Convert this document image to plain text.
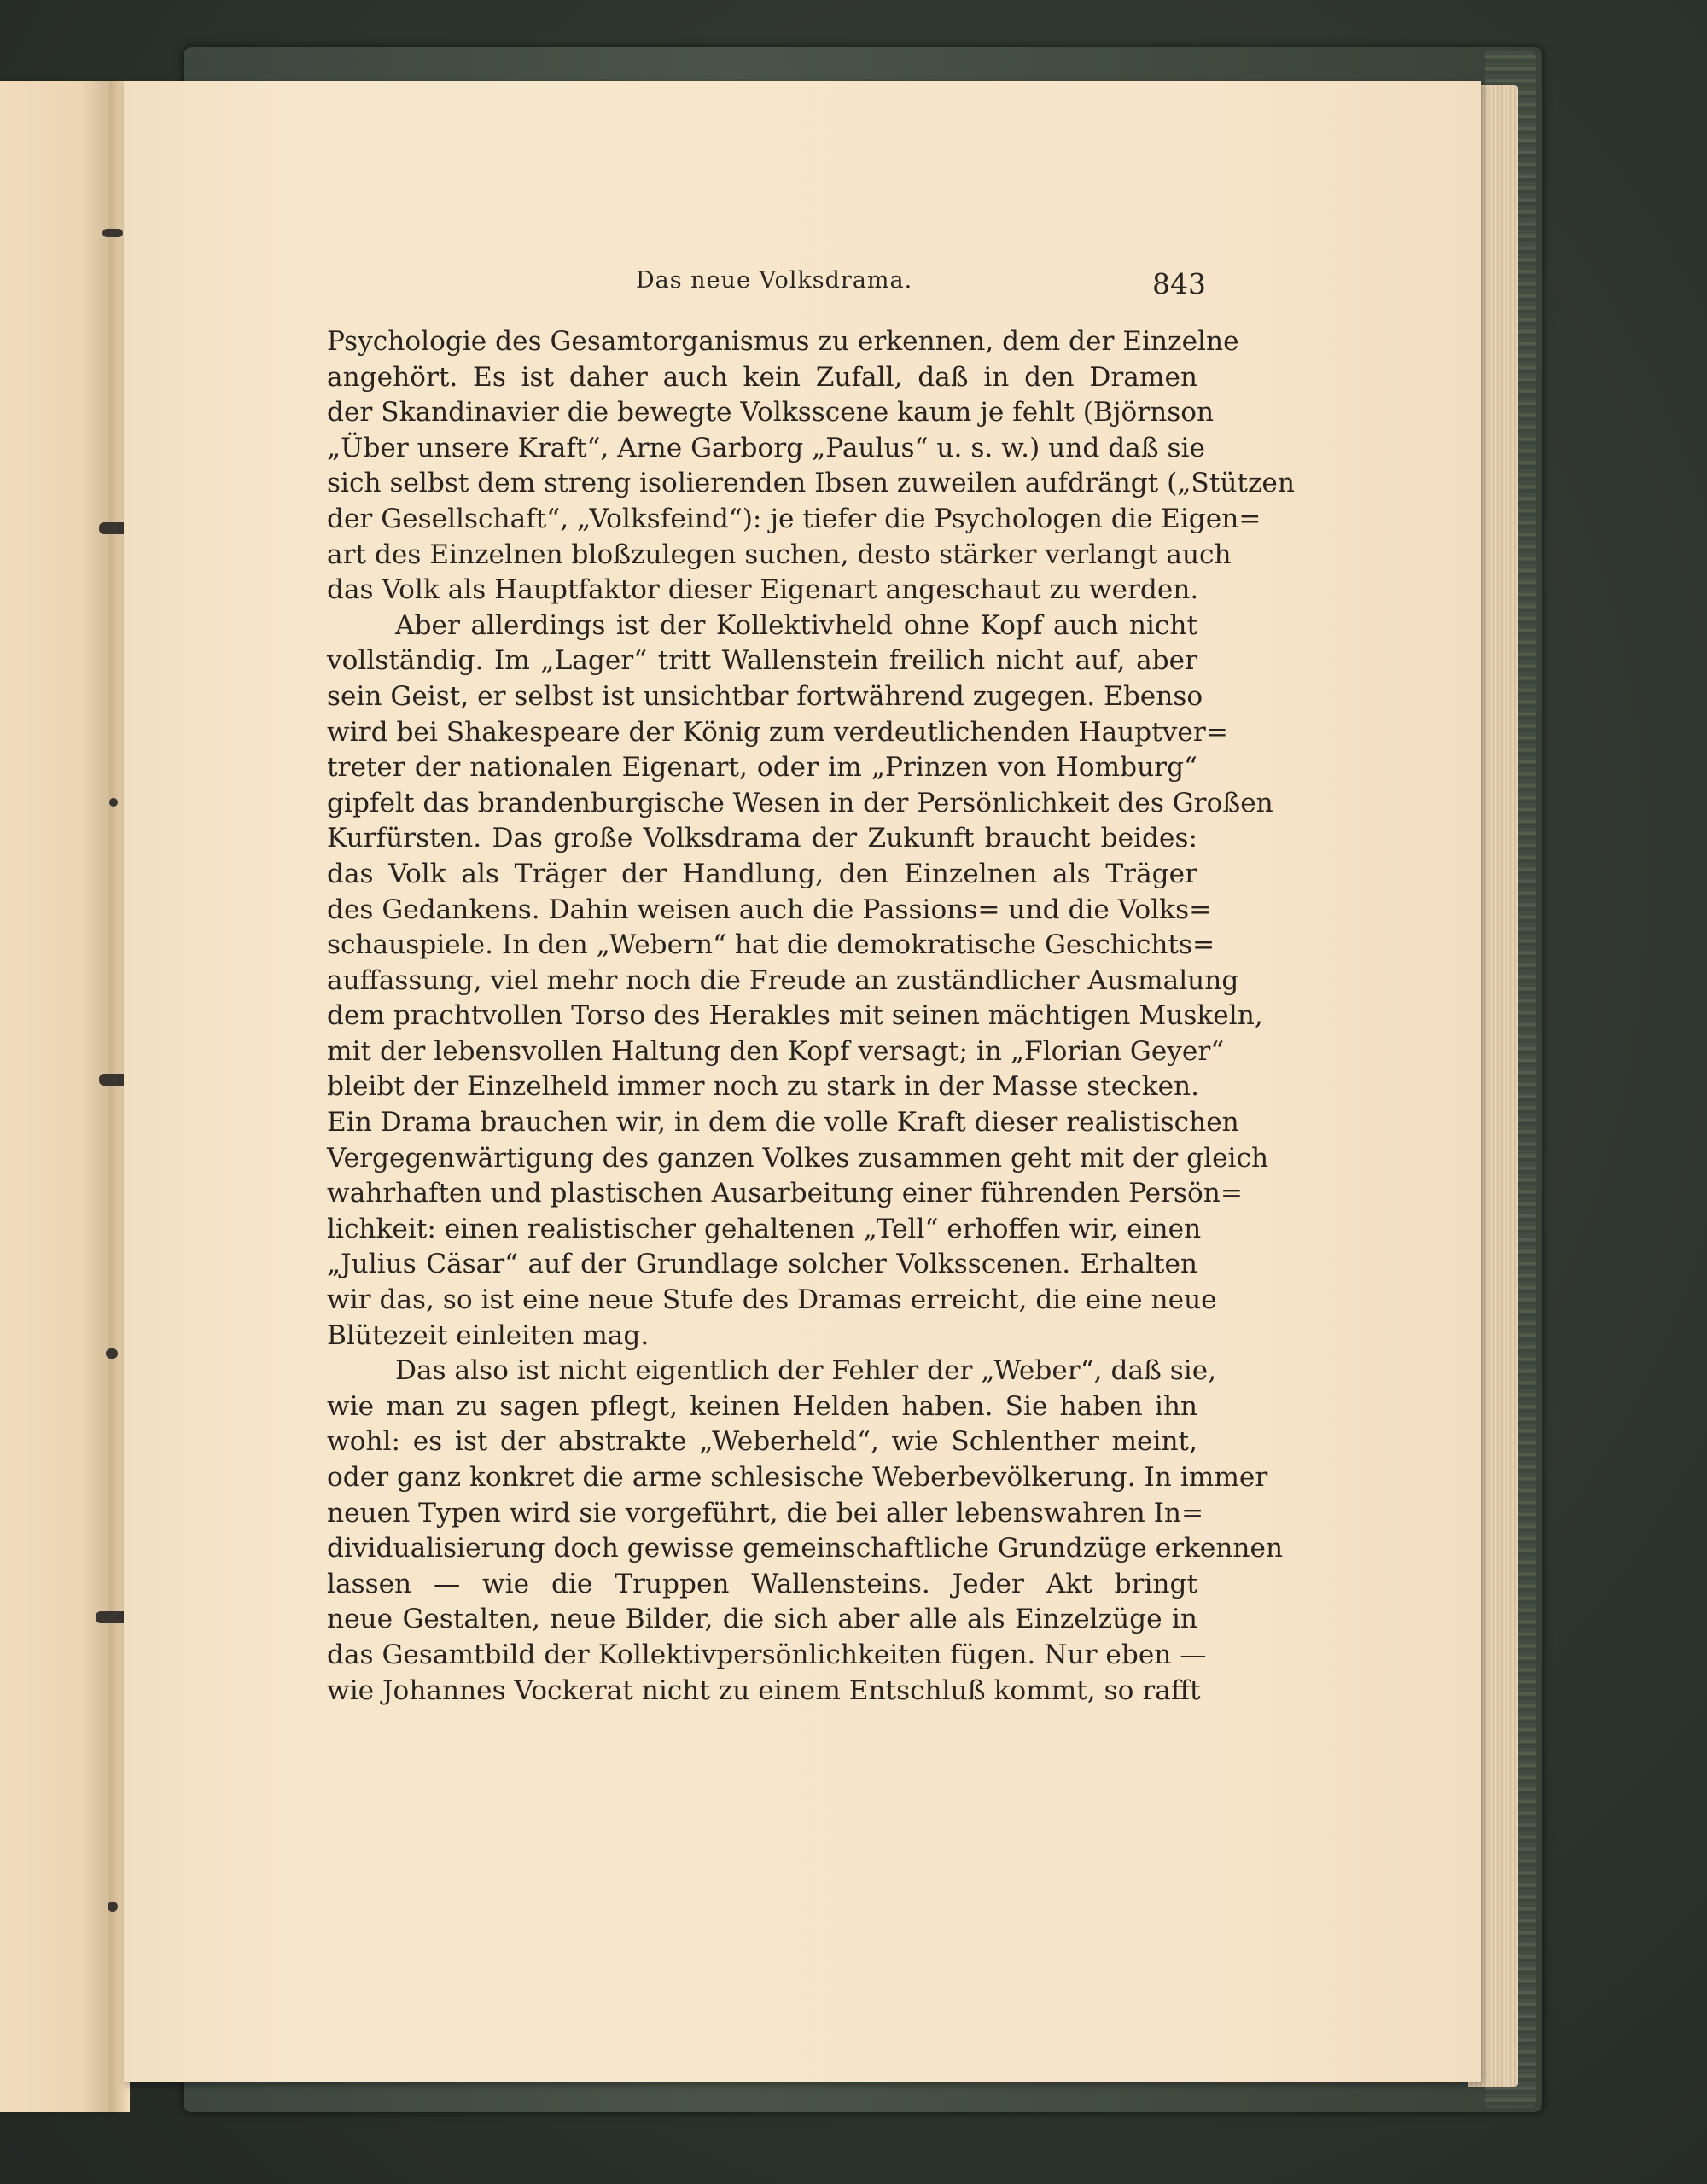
Das neue Volksdrama.	843
Psychologie des Gesamtorganismus zu erkennen, dem der Einzelne
angehört. Es ist daher auch kein Zufall, daß in den Dramen
der Skandinavier die bewegte Volksscene kaum je fehlt (Björnson
„Über unsere Kraft“, Arne Garborg „Paulus“ u. s. w.) und daß sie
sich selbst dem streng isolierenden Ibsen zuweilen aufdrängt („Stützen
der Gesellschaft“, „Volksfeind“): je tiefer die Psychologen die Eigen=
art des Einzelnen bloßzulegen suchen, desto stärker verlangt auch
das Volk als Hauptfaktor dieser Eigenart angeschaut zu werden.
Aber allerdings ist der Kollektivheld ohne Kopf auch nicht
vollständig. Im „Lager“ tritt Wallenstein freilich nicht auf, aber
sein Geist, er selbst ist unsichtbar fortwährend zugegen. Ebenso
wird bei Shakespeare der König zum verdeutlichenden Hauptver=
treter der nationalen Eigenart, oder im „Prinzen von Homburg“
gipfelt das brandenburgische Wesen in der Persönlichkeit des Großen
Kurfürsten. Das große Volksdrama der Zukunft braucht beides:
das Volk als Träger der Handlung, den Einzelnen als Träger
des Gedankens. Dahin weisen auch die Passions= und die Volks=
schauspiele. In den „Webern“ hat die demokratische Geschichts=
auffassung, viel mehr noch die Freude an zuständlicher Ausmalung
dem prachtvollen Torso des Herakles mit seinen mächtigen Muskeln,
mit der lebensvollen Haltung den Kopf versagt; in „Florian Geyer“
bleibt der Einzelheld immer noch zu stark in der Masse stecken.
Ein Drama brauchen wir, in dem die volle Kraft dieser realistischen
Vergegenwärtigung des ganzen Volkes zusammen geht mit der gleich
wahrhaften und plastischen Ausarbeitung einer führenden Persön=
lichkeit: einen realistischer gehaltenen „Tell“ erhoffen wir, einen
„Julius Cäsar“ auf der Grundlage solcher Volksscenen. Erhalten
wir das, so ist eine neue Stufe des Dramas erreicht, die eine neue
Blütezeit einleiten mag.
Das also ist nicht eigentlich der Fehler der „Weber“, daß sie,
wie man zu sagen pflegt, keinen Helden haben. Sie haben ihn
wohl: es ist der abstrakte „Weberheld“, wie Schlenther meint,
oder ganz konkret die arme schlesische Weberbevölkerung. In immer
neuen Typen wird sie vorgeführt, die bei aller lebenswahren In=
dividualisierung doch gewisse gemeinschaftliche Grundzüge erkennen
lassen — wie die Truppen Wallensteins. Jeder Akt bringt
neue Gestalten, neue Bilder, die sich aber alle als Einzelzüge in
das Gesamtbild der Kollektivpersönlichkeiten fügen. Nur eben —
wie Johannes Vockerat nicht zu einem Entschluß kommt, so rafft
